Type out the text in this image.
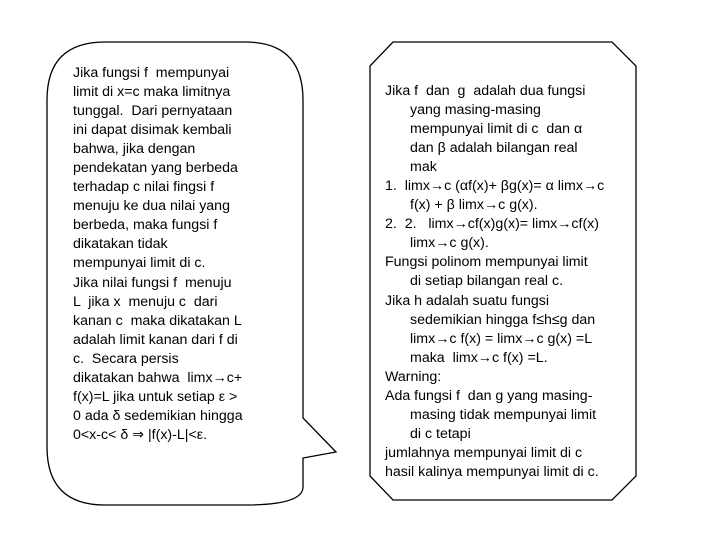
Jika fungsi f  mempunyai
limit di x=c maka limitnya
tunggal.  Dari pernyataan
ini dapat disimak kembali
bahwa, jika dengan
pendekatan yang berbeda
terhadap c nilai fingsi f
menuju ke dua nilai yang
berbeda, maka fungsi f
dikatakan tidak
mempunyai limit di c.
Jika nilai fungsi f  menuju
L  jika x  menuju c  dari
kanan c  maka dikatakan L
adalah limit kanan dari f di
c.  Secara persis
dikatakan bahwa  limx→c+
f(x)=L jika untuk setiap ε >
0 ada δ sedemikian hingga
0<x-c< δ ⇒ |f(x)-L|<ε.
Jika f  dan  g  adalah dua fungsi
yang masing-masing
mempunyai limit di c  dan α
dan β adalah bilangan real
mak
1.  limx→c (αf(x)+ βg(x)= α limx→c
f(x) + β limx→c g(x).
2.  2.   limx→cf(x)g(x)= limx→cf(x)
limx→c g(x).
Fungsi polinom mempunyai limit
di setiap bilangan real c.
Jika h adalah suatu fungsi
sedemikian hingga f≤h≤g dan
limx→c f(x) = limx→c g(x) =L
maka  limx→c f(x) =L.
Warning:
Ada fungsi f  dan g yang masing-
masing tidak mempunyai limit
di c tetapi
jumlahnya mempunyai limit di c
hasil kalinya mempunyai limit di c.
